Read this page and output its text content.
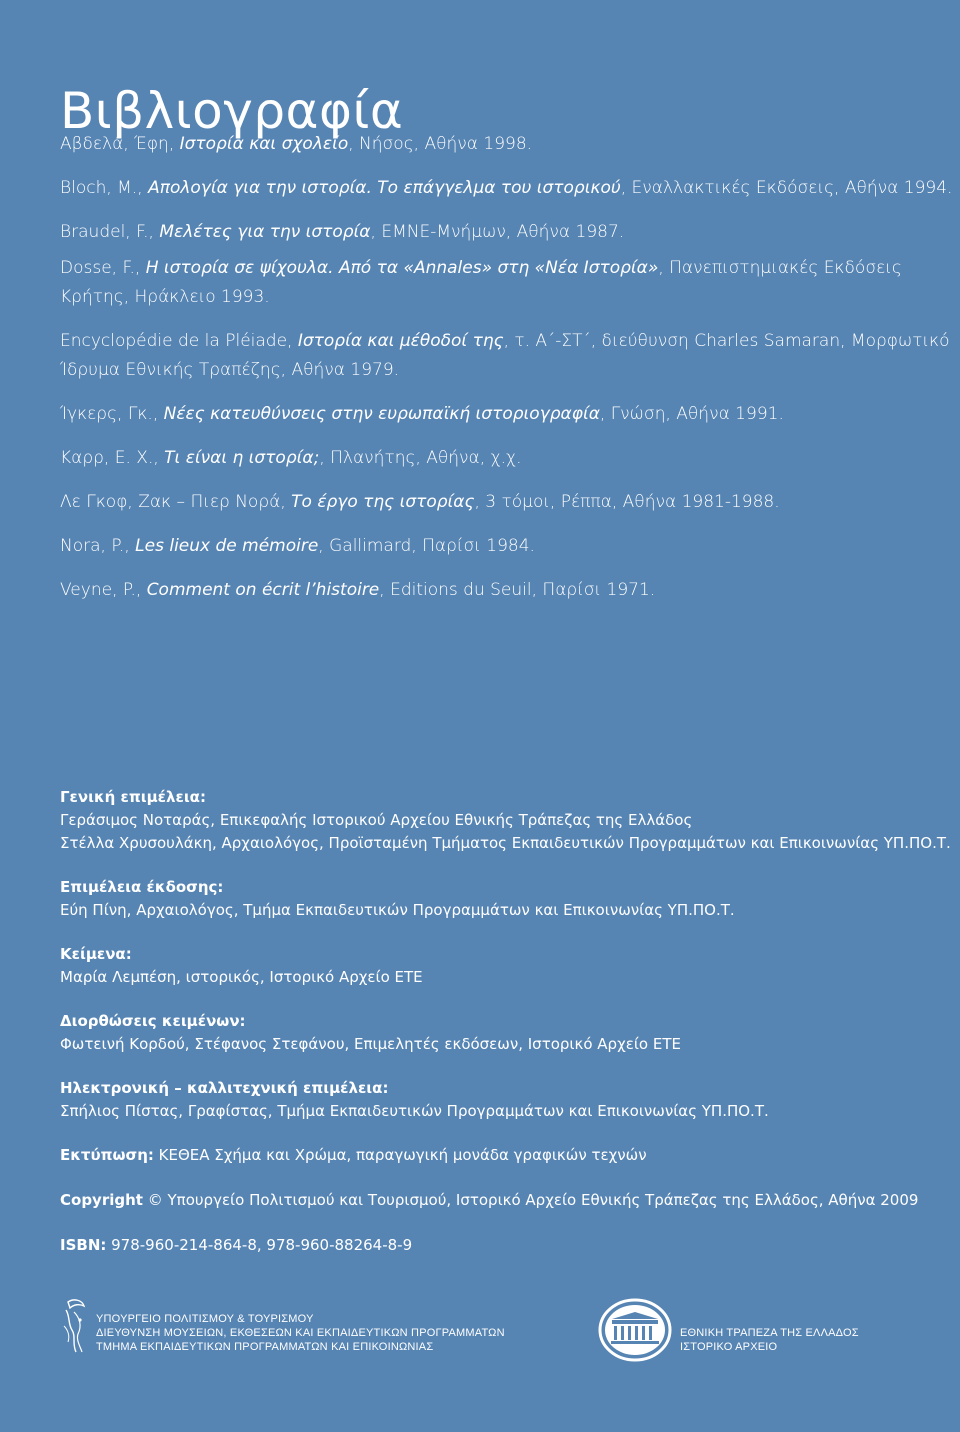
Βιβλιογραφία
Αβδελά, Έφη, Ιστορία και σχολείο, Νήσος, Αθήνα 1998.
Bloch, M., Απολογία για την ιστορία. Το επάγγελμα του ιστορικού, Εναλλακτικές Εκδόσεις, Αθήνα 1994.
Braudel, F., Μελέτες για την ιστορία, ΕΜΝΕ-Μνήμων, Αθήνα 1987.
Dosse, F., Η ιστορία σε ψίχουλα. Από τα «Annales» στη «Νέα Ιστορία», Πανεπιστημιακές Εκδόσεις Κρήτης, Ηράκλειο 1993.
Encyclopédie de la Pléiade, Ιστορία και μέθοδοί της, τ. Α΄-ΣΤ΄, διεύθυνση Charles Samaran, Μορφωτικό Ίδρυμα Εθνικής Τραπέζης, Αθήνα 1979.
Ίγκερς, Γκ., Νέες κατευθύνσεις στην ευρωπαϊκή ιστοριογραφία, Γνώση, Αθήνα 1991.
Καρρ, Ε. Χ., Τι είναι η ιστορία;, Πλανήτης, Αθήνα, χ.χ.
Λε Γκοφ, Ζακ – Πιερ Νορά, Το έργο της ιστορίας, 3 τόμοι, Ρέππα, Αθήνα 1981-1988.
Nora, P., Les lieux de mémoire, Gallimard, Παρίσι 1984.
Veyne, P., Comment on écrit l’histoire, Editions du Seuil, Παρίσι 1971.
Γενική επιμέλεια:
Γεράσιμος Νοταράς, Επικεφαλής Ιστορικού Αρχείου Εθνικής Τράπεζας της Ελλάδος
Στέλλα Χρυσουλάκη, Αρχαιολόγος, Προϊσταμένη Τμήματος Εκπαιδευτικών Προγραμμάτων και Επικοινωνίας ΥΠ.ΠΟ.Τ.
Επιμέλεια έκδοσης:
Εύη Πίνη, Αρχαιολόγος, Τμήμα Εκπαιδευτικών Προγραμμάτων και Επικοινωνίας ΥΠ.ΠΟ.Τ.
Κείμενα:
Μαρία Λεμπέση, ιστορικός, Ιστορικό Αρχείο ΕΤΕ
Διορθώσεις κειμένων:
Φωτεινή Κορδού, Στέφανος Στεφάνου, Επιμελητές εκδόσεων, Ιστορικό Αρχείο ΕΤΕ
Ηλεκτρονική – καλλιτεχνική επιμέλεια:
Σπήλιος Πίστας, Γραφίστας, Τμήμα Εκπαιδευτικών Προγραμμάτων και Επικοινωνίας ΥΠ.ΠΟ.Τ.
Εκτύπωση: ΚΕΘΕΑ Σχήμα και Χρώμα, παραγωγική μονάδα γραφικών τεχνών
Copyright © Υπουργείο Πολιτισμού και Τουρισμού, Ιστορικό Αρχείο Εθνικής Τράπεζας της Ελλάδος, Αθήνα 2009
ISBN: 978-960-214-864-8, 978-960-88264-8-9
ΥΠΟΥΡΓΕΙΟ ΠΟΛΙΤΙΣΜΟΥ & ΤΟΥΡΙΣΜΟΥ
ΔΙΕΥΘΥΝΣΗ ΜΟΥΣΕΙΩΝ, ΕΚΘΕΣΕΩΝ ΚΑΙ ΕΚΠΑΙΔΕΥΤΙΚΩΝ ΠΡΟΓΡΑΜΜΑΤΩΝ
ΤΜΗΜΑ ΕΚΠΑΙΔΕΥΤΙΚΩΝ ΠΡΟΓΡΑΜΜΑΤΩΝ ΚΑΙ ΕΠΙΚΟΙΝΩΝΙΑΣ
ΕΘΝΙΚΗ ΤΡΑΠΕΖΑ ΤΗΣ ΕΛΛΑΔΟΣ
ΙΣΤΟΡΙΚΟ ΑΡΧΕΙΟ
